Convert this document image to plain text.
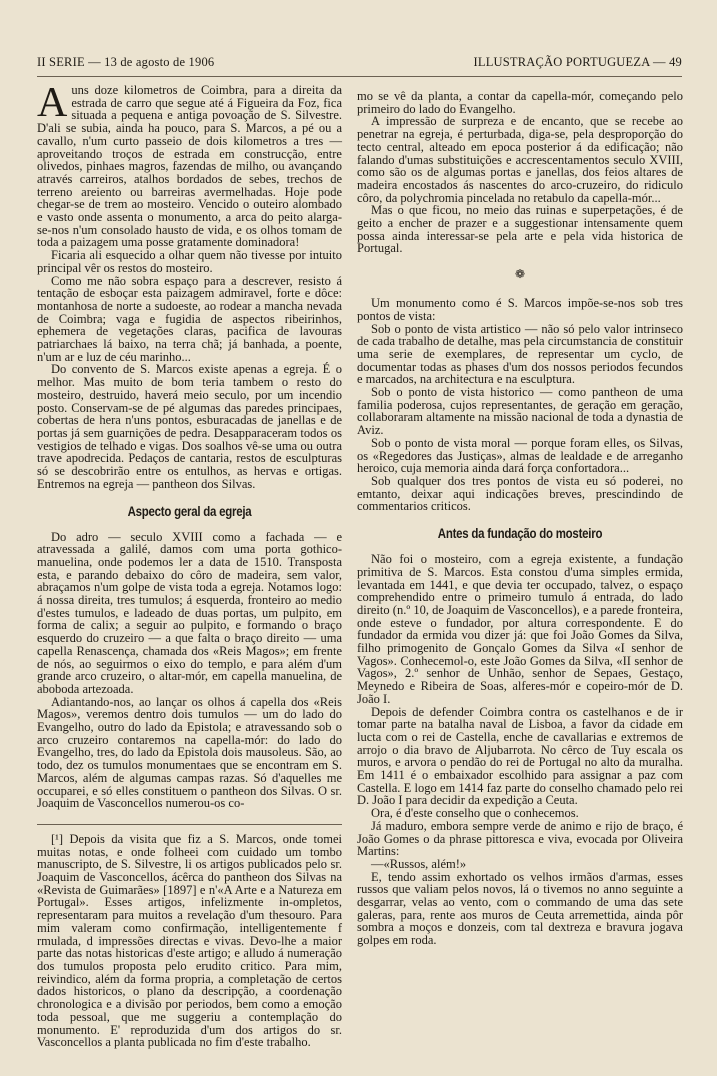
II SERIE — 13 de agosto de 1906	ILLUSTRAÇÃO PORTUGUEZA — 49

Auns doze kilometros de Coimbra, para a direita da estrada de carro que segue até á Figueira da Foz, fica situada a pequena e antiga povoação de S. Silvestre. D'ali se subia, ainda ha pouco, para S. Marcos, a pé ou a cavallo, n'um curto passeio de dois kilometros a tres — aproveitando troços de estrada em construcção, entre olivedos, pinhaes magros, fazendas de milho, ou avançando através carreiros, atalhos bordados de sebes, trechos de terreno areiento ou barreiras avermelhadas. Hoje pode chegar-se de trem ao mosteiro. Vencido o outeiro alombado e vasto onde assenta o monumento, a arca do peito alarga-se-nos n'um consolado hausto de vida, e os olhos tomam de toda a paizagem uma posse gratamente dominadora!

Ficaria ali esquecido a olhar quem não tivesse por intuito principal vêr os restos do mosteiro.

Como me não sobra espaço para a descrever, resisto á tentação de esboçar esta paizagem admiravel, forte e dôce: montanhosa de norte a sudoeste, ao rodear a mancha nevada de Coimbra; vaga e fugidia de aspectos ribeirinhos, ephemera de vegetações claras, pacifica de lavouras patriarchaes lá baixo, na terra chã; já banhada, a poente, n'um ar e luz de céu marinho...

Do convento de S. Marcos existe apenas a egreja. É o melhor. Mas muito de bom teria tambem o resto do mosteiro, destruido, haverá meio seculo, por um incendio posto. Conservam-se de pé algumas das paredes principaes, cobertas de hera n'uns pontos, esburacadas de janellas e de portas já sem guarnições de pedra. Desapparaceram todos os vestigios de telhado e vigas. Dos soalhos vê-se uma ou outra trave apodrecida. Pedaços de cantaria, restos de esculpturas só se descobrirão entre os entulhos, as hervas e ortigas. Entremos na egreja — pantheon dos Silvas.

Aspecto geral da egreja

Do adro — seculo XVIII como a fachada — e atravessada a galilé, damos com uma porta gothico-manuelina, onde podemos ler a data de 1510. Transposta esta, e parando debaixo do côro de madeira, sem valor, abraçamos n'um golpe de vista toda a egreja. Notamos logo: á nossa direita, tres tumulos; á esquerda, fronteiro ao medio d'estes tumulos, e ladeado de duas portas, um pulpito, em forma de calix; a seguir ao pulpito, e formando o braço esquerdo do cruzeiro — a que falta o braço direito — uma capella Renascença, chamada dos «Reis Magos»; em frente de nós, ao seguirmos o eixo do templo, e para além d'um grande arco cruzeiro, o altar-mór, em capella manuelina, de aboboda artezoada.

Adiantando-nos, ao lançar os olhos á capella dos «Reis Magos», veremos dentro dois tumulos — um do lado do Evangelho, outro do lado da Epistola; e atravessando sob o arco cruzeiro contaremos na capella-mór: do lado do Evangelho, tres, do lado da Epistola dois mausoleus. São, ao todo, dez os tumulos monumentaes que se encontram em S. Marcos, além de algumas campas razas. Só d'aquelles me occuparei, e só elles constituem o pantheon dos Silvas. O sr. Joaquim de Vasconcellos numerou-os co-

[¹] Depois da visita que fiz a S. Marcos, onde tomei muitas notas, e onde folheei com cuidado um tombo manuscripto, de S. Silvestre, li os artigos publicados pelo sr. Joaquim de Vasconcellos, ácêrca do pantheon dos Silvas na «Revista de Guimarães» [1897] e n'«A Arte e a Natureza em Portugal». Esses artigos, infelizmente in-ompletos, representaram para muitos a revelação d'um thesouro. Para mim valeram como confirmação, intelligentemente f rmulada, d impressões directas e vivas. Devo-lhe a maior parte das notas historicas d'este artigo; e alludo á numeração dos tumulos proposta pelo erudito critico. Para mim, reivindico, além da forma propria, a completação de certos dados historicos, o plano da descripção, a coordenação chronologica e a divisão por periodos, bem como a emoção toda pessoal, que me suggeriu a contemplação do monumento. E' reproduzida d'um dos artigos do sr. Vasconcellos a planta publicada no fim d'este trabalho.

mo se vê da planta, a contar da capella-mór, começando pelo primeiro do lado do Evangelho.

A impressão de surpreza e de encanto, que se recebe ao penetrar na egreja, é perturbada, diga-se, pela desproporção do tecto central, alteado em epoca posterior á da edificação; não falando d'umas substituições e accrescentamentos seculo XVIII, como são os de algumas portas e janellas, dos feios altares de madeira encostados ás nascentes do arco-cruzeiro, do ridiculo côro, da polychromia pincelada no retabulo da capella-mór...

Mas o que ficou, no meio das ruinas e superpetações, é de geito a encher de prazer e a suggestionar intensamente quem possa ainda interessar-se pela arte e pela vida historica de Portugal.

❁

Um monumento como é S. Marcos impõe-se-nos sob tres pontos de vista:

Sob o ponto de vista artistico — não só pelo valor intrinseco de cada trabalho de detalhe, mas pela circumstancia de constituir uma serie de exemplares, de representar um cyclo, de documentar todas as phases d'um dos nossos periodos fecundos e marcados, na architectura e na esculptura.

Sob o ponto de vista historico — como pantheon de uma familia poderosa, cujos representantes, de geração em geração, collaboraram altamente na missão nacional de toda a dynastia de Aviz.

Sob o ponto de vista moral — porque foram elles, os Silvas, os «Regedores das Justiças», almas de lealdade e de arreganho heroico, cuja memoria ainda dará força confortadora...

Sob qualquer dos tres pontos de vista eu só poderei, no emtanto, deixar aqui indicações breves, prescindindo de commentarios criticos.

Antes da fundação do mosteiro

Não foi o mosteiro, com a egreja existente, a fundação primitiva de S. Marcos. Esta constou d'uma simples ermida, levantada em 1441, e que devia ter occupado, talvez, o espaço comprehendido entre o primeiro tumulo á entrada, do lado direito (n.º 10, de Joaquim de Vasconcellos), e a parede fronteira, onde esteve o fundador, por altura correspondente. E do fundador da ermida vou dizer já: que foi João Gomes da Silva, filho primogenito de Gonçalo Gomes da Silva «I senhor de Vagos». Conhecemol-o, este João Gomes da Silva, «II senhor de Vagos», 2.º senhor de Unhão, senhor de Sepaes, Gestaço, Meynedo e Ribeira de Soas, alferes-mór e copeiro-mór de D. João I.

Depois de defender Coimbra contra os castelhanos e de ir tomar parte na batalha naval de Lisboa, a favor da cidade em lucta com o rei de Castella, enche de cavallarias e extremos de arrojo o dia bravo de Aljubarrota. No cêrco de Tuy escala os muros, e arvora o pendão do rei de Portugal no alto da muralha. Em 1411 é o embaixador escolhido para assignar a paz com Castella. E logo em 1414 faz parte do conselho chamado pelo rei D. João I para decidir da expedição a Ceuta.

Ora, é d'este conselho que o conhecemos.

Já maduro, embora sempre verde de animo e rijo de braço, é João Gomes o da phrase pittoresca e viva, evocada por Oliveira Martins:

—«Russos, além!»

E, tendo assim exhortado os velhos irmãos d'armas, esses russos que valiam pelos novos, lá o tivemos no anno seguinte a desgarrar, velas ao vento, com o commando de uma das sete galeras, para, rente aos muros de Ceuta arremettida, ainda pôr sombra a moços e donzeis, com tal dextreza e bravura jogava golpes em roda.
